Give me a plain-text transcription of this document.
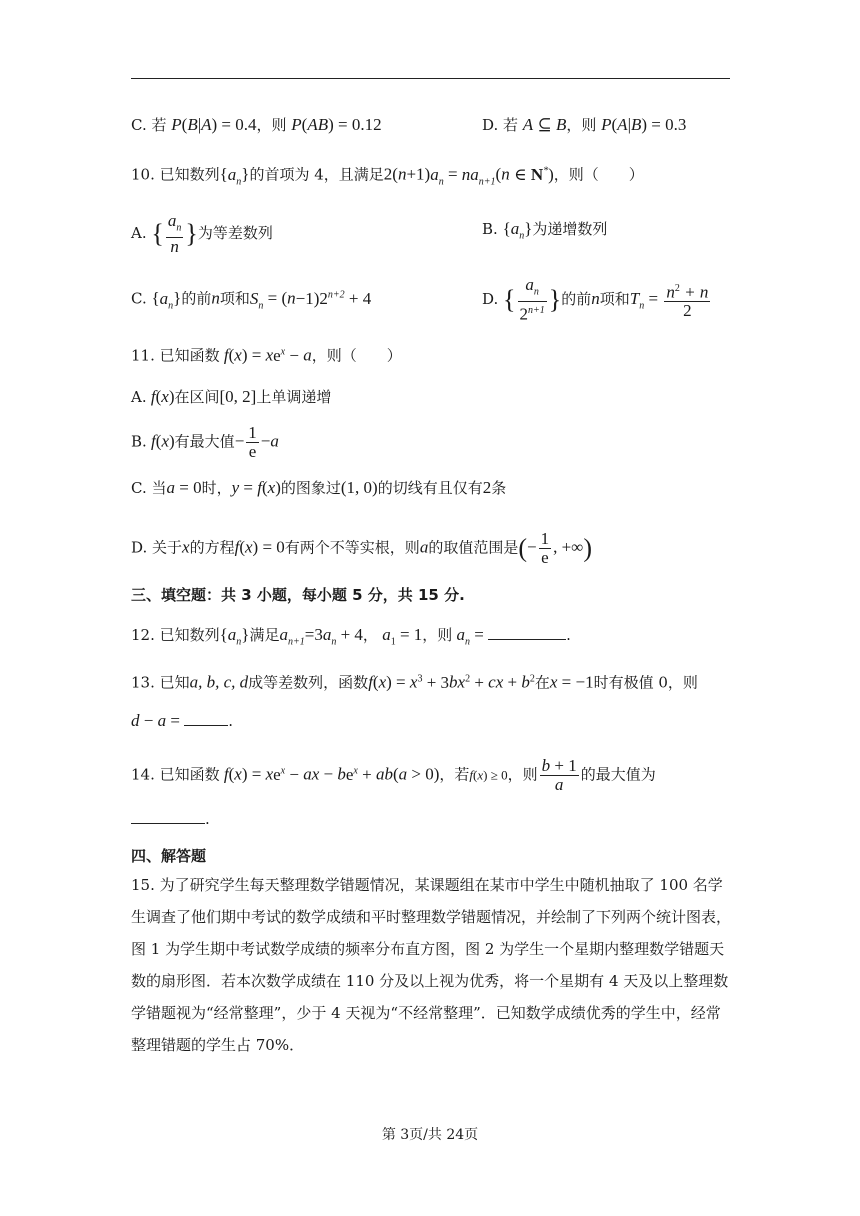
C. 若 P(B|A) = 0.4，则 P(AB) = 0.12	D. 若 A ⊆ B，则 P(A|B) = 0.3
10. 已知数列$\{a_n\}$的首项为 4，且满足$2(n+1)a_n = na_{n+1}(n$ ∈ N*)，则（　　）
A. { $\frac{a_n}{n}$ }为等差数列	B. $\{a_n\}$为递增数列
C. $\{a_n\}$的前n项和$S_n = (n-1)2^{n+2} + 4$	D. { $\frac{a_n}{2^{n+1}}$ }的前n项和$T_n = \frac{n^2 + n}{2}$
11. 已知函数 $f(x) = xe^x - a$，则（　　）
A. f(x)在区间[0, 2]上单调递增
B. f(x)有最大值− $\frac{1}{e} -a$
C. 当a = 0时，y = f(x)的图象过(1, 0)的切线有且仅有2条
D. 关于x的方程f(x) = 0有两个不等实根，则a的取值范围是(− $\frac{1}{e}$ , +∞)
三、填空题：共 3 小题，每小题 5 分，共 15 分.
12. 已知数列$\{a_n\}$满足$a_{n+1}=3a_n + 4$， $a_1 = 1$，则 $a_n$ =	.
13. 已知a, b, c, d成等差数列，函数$f(x) = x^3 + 3bx^2$ + cx + $b^2$在x = −1时有极值 0，则
d − a =	.
14. 已知函数 $f(x) = xe^x$ − ax − $be^x + ab(a > 0)$，若f(x) ≥ 0，则 $\frac{b + 1}{a}$ 的最大值为
.
四、解答题
15. 为了研究学生每天整理数学错题情况，某课题组在某市中学生中随机抽取了 100 名学生调查了他们期中考试的数学成绩和平时整理数学错题情况，并绘制了下列两个统计图表，图 1 为学生期中考试数学成绩的频率分布直方图，图 2 为学生一个星期内整理数学错题天数的扇形图．若本次数学成绩在 110 分及以上视为优秀，将一个星期有 4 天及以上整理数学错题视为“经常整理”，少于 4 天视为“不经常整理”．已知数学成绩优秀的学生中，经常整理错题的学生占 70%．
第 3页/共 24页
